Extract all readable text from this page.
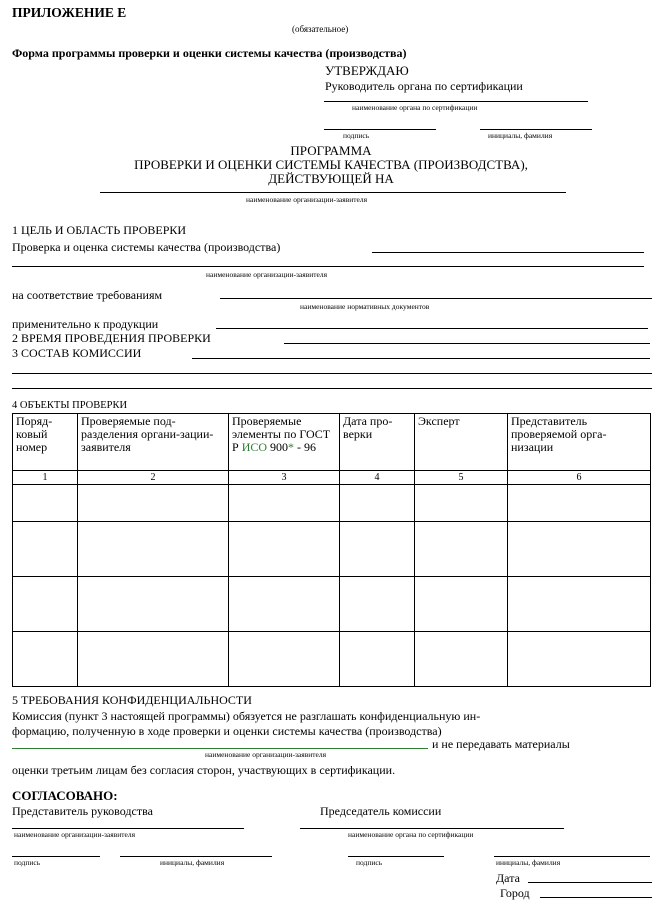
ПРИЛОЖЕНИЕ Е
(обязательное)
Форма программы проверки и оценки системы качества (производства)
УТВЕРЖДАЮ
Руководитель органа по сертификации
наименование органа по сертификации
подпись	инициалы, фамилия
ПРОГРАММА
ПРОВЕРКИ И ОЦЕНКИ СИСТЕМЫ КАЧЕСТВА (ПРОИЗВОДСТВА),
ДЕЙСТВУЮЩЕЙ НА
наименование организации-заявителя
1 ЦЕЛЬ И ОБЛАСТЬ ПРОВЕРКИ
Проверка и оценка системы качества (производства)
наименование организации-заявителя
на соответствие требованиям
наименование нормативных документов
применительно к продукции
2 ВРЕМЯ ПРОВЕДЕНИЯ ПРОВЕРКИ
3 СОСТАВ КОМИССИИ
4 ОБЪЕКТЫ ПРОВЕРКИ
Поряд-ковый номер	Проверяемые под-разделения органи-зации-заявителя	Проверяемые элементы по ГОСТ Р ИСО 900* - 96	Дата про-верки	Эксперт	Представитель проверяемой орга-низации
1	2	3	4	5	6

5 ТРЕБОВАНИЯ КОНФИДЕНЦИАЛЬНОСТИ
Комиссия (пункт 3 настоящей программы) обязуется не разглашать конфиденциальную ин-
формацию, полученную в ходе проверки и оценки системы качества (производства)
и не передавать материалы
наименование организации-заявителя
оценки третьим лицам без согласия сторон, участвующих в сертификации.
СОГЛАСОВАНО:
Представитель руководства	Председатель комиссии
наименование организации-заявителя	наименование органа по сертификации
подпись	инициалы, фамилия	подпись	инициалы, фамилия
Дата
Город
